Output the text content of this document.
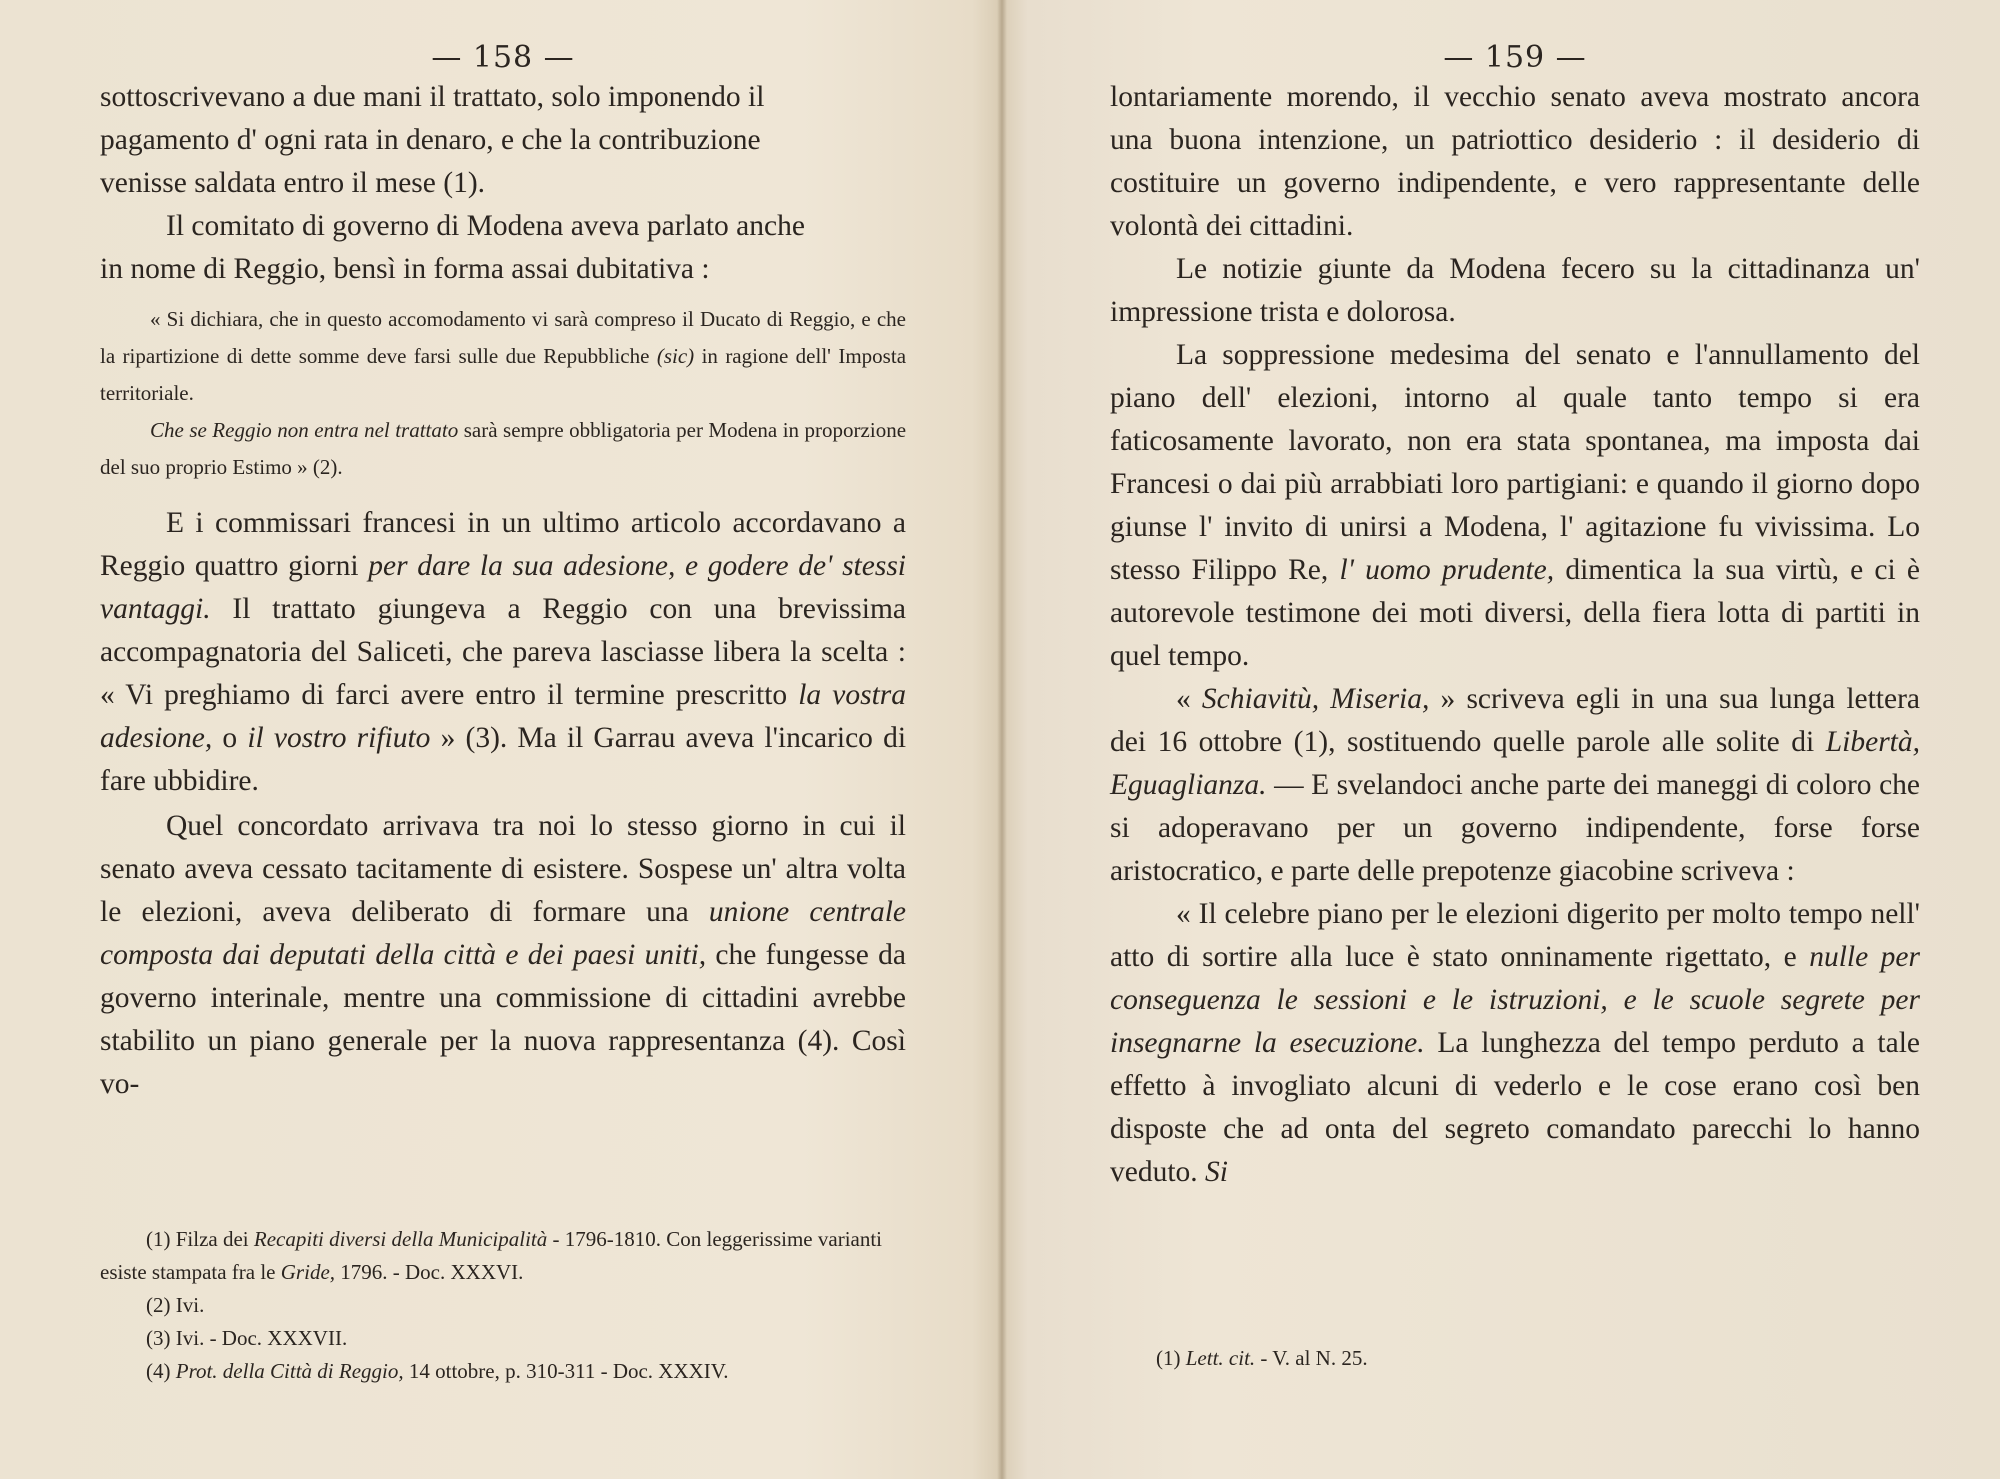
— 158 —
sottoscrivevano a due mani il trattato, solo imponendo il
pagamento d' ogni rata in denaro, e che la contribuzione
venisse saldata entro il mese (1).
Il comitato di governo di Modena aveva parlato anche
in nome di Reggio, bensì in forma assai dubitativa :
« Si dichiara, che in questo accomodamento vi sarà compreso il Ducato di Reggio, e che la ripartizione di dette somme deve farsi sulle due Repubbliche (sic) in ragione dell' Imposta territoriale.
Che se Reggio non entra nel trattato sarà sempre obbligatoria per Modena in proporzione del suo proprio Estimo » (2).
E i commissari francesi in un ultimo articolo accordavano a Reggio quattro giorni per dare la sua adesione, e godere de' stessi vantaggi. Il trattato giungeva a Reggio con una brevissima accompagnatoria del Saliceti, che pareva lasciasse libera la scelta : « Vi preghiamo di farci avere entro il termine prescritto la vostra adesione, o il vostro rifiuto » (3). Ma il Garrau aveva l'incarico di fare ubbidire.
Quel concordato arrivava tra noi lo stesso giorno in cui il senato aveva cessato tacitamente di esistere. Sospese un' altra volta le elezioni, aveva deliberato di formare una unione centrale composta dai deputati della città e dei paesi uniti, che fungesse da governo interinale, mentre una commissione di cittadini avrebbe stabilito un piano generale per la nuova rappresentanza (4). Così vo-
(1) Filza dei Recapiti diversi della Municipalità - 1796-1810. Con leggerissime varianti esiste stampata fra le Gride, 1796. - Doc. XXXVI.
(2) Ivi.
(3) Ivi. - Doc. XXXVII.
(4) Prot. della Città di Reggio, 14 ottobre, p. 310-311 - Doc. XXXIV.
— 159 —
lontariamente morendo, il vecchio senato aveva mostrato ancora una buona intenzione, un patriottico desiderio : il desiderio di costituire un governo indipendente, e vero rappresentante delle volontà dei cittadini.
Le notizie giunte da Modena fecero su la cittadinanza un' impressione trista e dolorosa.
La soppressione medesima del senato e l'annullamento del piano dell' elezioni, intorno al quale tanto tempo si era faticosamente lavorato, non era stata spontanea, ma imposta dai Francesi o dai più arrabbiati loro partigiani: e quando il giorno dopo giunse l' invito di unirsi a Modena, l' agitazione fu vivissima. Lo stesso Filippo Re, l' uomo prudente, dimentica la sua virtù, e ci è autorevole testimone dei moti diversi, della fiera lotta di partiti in quel tempo.
« Schiavitù, Miseria, » scriveva egli in una sua lunga lettera dei 16 ottobre (1), sostituendo quelle parole alle solite di Libertà, Eguaglianza. — E svelandoci anche parte dei maneggi di coloro che si adoperavano per un governo indipendente, forse forse aristocratico, e parte delle prepotenze giacobine scriveva :
« Il celebre piano per le elezioni digerito per molto tempo nell' atto di sortire alla luce è stato onninamente rigettato, e nulle per conseguenza le sessioni e le istruzioni, e le scuole segrete per insegnarne la esecuzione. La lunghezza del tempo perduto a tale effetto à invogliato alcuni di vederlo e le cose erano così ben disposte che ad onta del segreto comandato parecchi lo hanno veduto. Si
(1) Lett. cit. - V. al N. 25.
